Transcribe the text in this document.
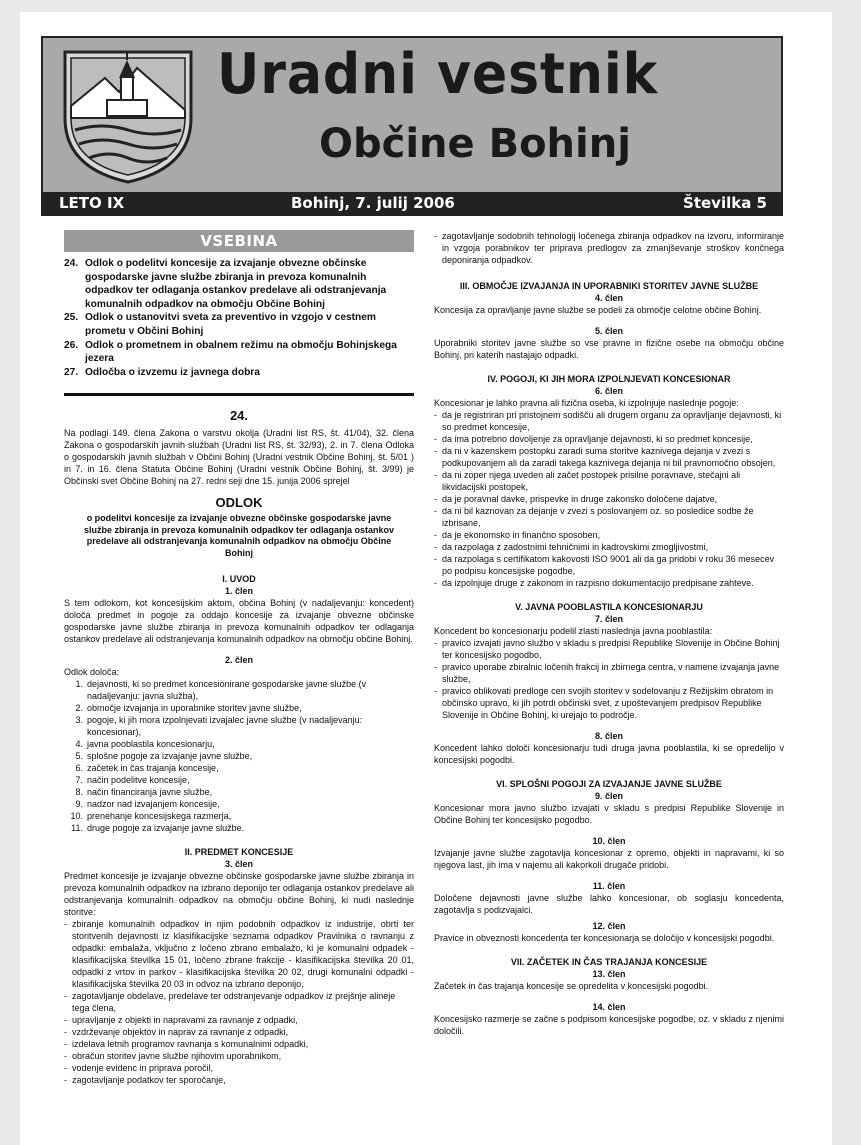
Uradni vestnik
Občine Bohinj
LETO IX	Bohinj, 7. julij 2006	Številka 5
VSEBINA
24. Odlok o podelitvi koncesije za izvajanje obvezne občinske gospodarske javne službe zbiranja in prevoza komunalnih odpadkov ter odlaganja ostankov predelave ali odstranjevanja komunalnih odpadkov na območju Občine Bohinj
25. Odlok o ustanovitvi sveta za preventivo in vzgojo v cestnem prometu v Občini Bohinj
26. Odlok o prometnem in obalnem režimu na območju Bohinjskega jezera
27. Odločba o izvzemu iz javnega dobra
24.

Na podlagi 149. člena Zakona o varstvu okolja (Uradni list RS, št. 41/04), 32. člena Zakona o gospodarskih javnih službah (Uradni list RS, št. 32/93), 2. in 7. člena Odloka o gospodarskih javnih službah v Občini Bohinj (Uradni vestnik Občine Bohinj, št. 5/01 ) in 7. in 16. člena Statuta Občine Bohinj (Uradni vestnik Občine Bohinj, št. 3/99) je Občinski svet Občine Bohinj na 27. redni seji dne 15. junija 2006 sprejel

ODLOK
o podelitvi koncesije za izvajanje obvezne občinske gospodarske javne službe zbiranja in prevoza komunalnih odpadkov ter odlaganja ostankov predelave ali odstranjevanja komunalnih odpadkov na območju Občine Bohinj
I. UVOD
1. člen

S tem odlokom, kot koncesijskim aktom, občina Bohinj (v nadaljevanju: koncedent) določa predmet in pogoje za oddajo koncesije za izvajanje obvezne občinske gospodarske javne službe zbiranja in prevoza komunalnih odpadkov ter odlaganja ostankov predelave ali odstranjevanja komunalnih odpadkov na območju občine Bohinj.

2. člen

Odlok določa:

1. dejavnosti, ki so predmet koncesionirane gospodarske javne službe (v nadaljevanju: javna služba),
2. območje izvajanja in uporabnike storitev javne službe,
3. pogoje, ki jih mora izpolnjevati izvajalec javne službe (v nadaljevanju: koncesionar),
4. javna pooblastila koncesionarju,
5. splošne pogoje za izvajanje javne službe,
6. začetek in čas trajanja koncesije,
7. način podelitve koncesije,
8. način financiranja javne službe,
9. nadzor nad izvajanjem koncesije,
10. prenehanje koncesijskega razmerja,
11. druge pogoje za izvajanje javne službe.
II. PREDMET KONCESIJE
3. člen

Predmet koncesije je izvajanje obvezne občinske gospodarske javne službe zbiranja in prevoza komunalnih odpadkov na izbrano deponijo ter odlaganja ostankov predelave ali odstranjevanja komunalnih odpadkov na območju občine Bohinj, ki nudi naslednje storitve:

- zbiranje komunalnih odpadkov in njim podobnih odpadkov iz industrije, obrti ter storitvenih dejavnosti iz klasifikacijske seznama odpadkov Pravilnika o ravnanju z odpadki: embalaža, vključno z ločeno zbrano embalažo, ki je komunalni odpadek - klasifikacijska številka 15 01, ločeno zbrane frakcije - klasifikacijska številka 20 01, odpadki z vrtov in parkov - klasifikacijska številka 20 02, drugi komunalni odpadki - klasifikacijska številka 20 03 in odvoz na izbrano deponijo,
- zagotavljanje obdelave, predelave ter odstranjevanje odpadkov iz prejšnje alineje tega člena,
- upravljanje z objekti in napravami za ravnanje z odpadki,
- vzdrževanje objektov in naprav za ravnanje z odpadki,
- izdelava letnih programov ravnanja s komunalnimi odpadki,
- obračun storitev javne službe njihovim uporabnikom,
- vodenje evidenc in priprava poročil,
- zagotavljanje podatkov ter sporočanje,
- zagotavljanje sodobnih tehnologij ločenega zbiranja odpadkov na izvoru, informiranje in vzgoja porabnikov ter priprava predlogov za zmanjševanje stroškov končnega deponiranja odpadkov.
III. OBMOČJE IZVAJANJA IN UPORABNIKI STORITEV JAVNE SLUŽBE
4. člen

Koncesija za opravljanje javne službe se podeli za območje celotne občine Bohinj.

5. člen

Uporabniki storitev javne službe so vse pravne in fizične osebe na območju občine Bohinj, pri katerih nastajajo odpadki.

IV. POGOJI, KI JIH MORA IZPOLNJEVATI KONCESIONAR
6. člen

Koncesionar je lahko pravna ali fizična oseba, ki izpolnjuje naslednje pogoje:

- da je registriran pri pristojnem sodišču ali drugem organu za opravljanje dejavnosti, ki so predmet koncesije,
- da ima potrebno dovoljenje za opravljanje dejavnosti, ki so predmet koncesije,
- da ni v kazenskem postopku zaradi suma storitve kaznivega dejanja v zvezi s podkupovanjem ali da zaradi takega kaznivega dejanja ni bil pravnomočno obsojen,
- da ni zoper njega uveden ali začet postopek prisilne poravnave, stečajni ali likvidacijski postopek,
- da je poravnal davke, prispevke in druge zakonsko določene dajatve,
- da ni bil kaznovan za dejanje v zvezi s poslovanjem oz. so posledice sodbe že izbrisane,
- da je ekonomsko in finančno sposoben,
- da razpolaga z zadostnimi tehničnimi in kadrovskimi zmogljivostmi,
- da razpolaga s certifikatom kakovosti ISO 9001 ali da ga pridobi v roku 36 mesecev po podpisu koncesijske pogodbe,
- da izpolnjuje druge z zakonom in razpisno dokumentacijo predpisane zahteve.
V. JAVNA POOBLASTILA KONCESIONARJU
7. člen

Koncedent bo koncesionarju podelil zlasti naslednja javna pooblastila:

- pravico izvajati javno službo v skladu s predpisi Republike Slovenije in Občine Bohinj ter koncesijsko pogodbo,
- pravico uporabe zbiralnic ločenih frakcij in zbirnega centra, v namene izvajanja javne službe,
- pravico oblikovati predloge cen svojih storitev v sodelovanju z Režijskim obratom in občinsko upravo, ki jih potrdi občinski svet, z upoštevanjem predpisov Republike Slovenije in Občine Bohinj, ki urejajo to področje.
8. člen

Koncedent lahko določi koncesionarju tudi druga javna pooblastila, ki se opredelijo v koncesijski pogodbi.

VI. SPLOŠNI POGOJI ZA IZVAJANJE JAVNE SLUŽBE
9. člen

Koncesionar mora javno službo izvajati v skladu s predpisi Republike Slovenije in Občine Bohinj ter koncesijsko pogodbo.

10. člen

Izvajanje javne službe zagotavlja koncesionar z opremo, objekti in napravami, ki so njegova last, jih ima v najemu ali kakorkoli drugače pridobi.

11. člen

Določene dejavnosti javne službe lahko koncesionar, ob soglasju koncedenta, zagotavlja s podizvajalci.

12. člen

Pravice in obveznosti koncedenta ter koncesionarja se določijo v koncesijski pogodbi.

VII. ZAČETEK IN ČAS TRAJANJA KONCESIJE
13. člen

Začetek in čas trajanja koncesije se opredelita v koncesijski pogodbi.

14. člen

Koncesijsko razmerje se začne s podpisom koncesijske pogodbe, oz. v skladu z njenimi določili.
